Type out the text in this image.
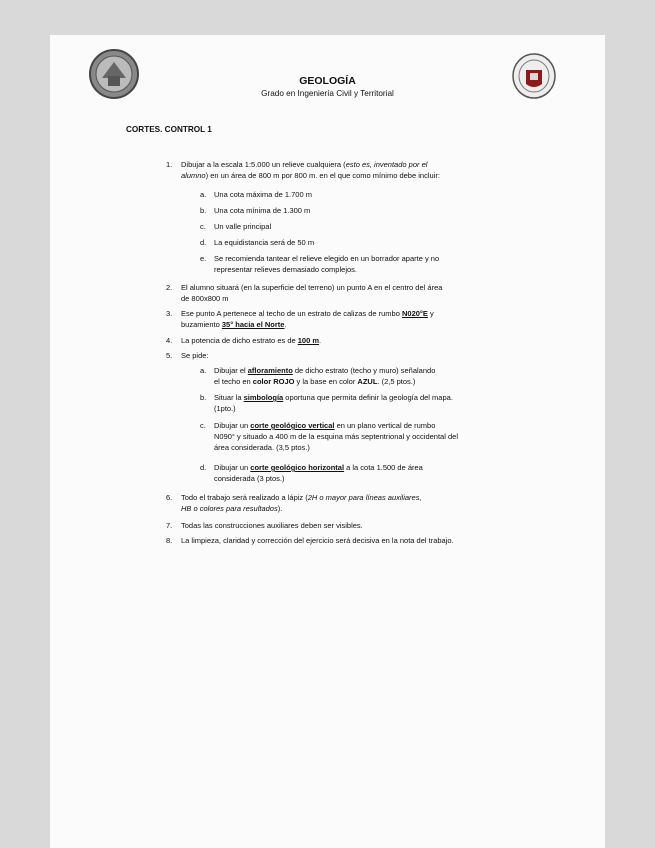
GEOLOGÍA
Grado en Ingeniería Civil y Territorial
CORTES. CONTROL 1
1. Dibujar a la escala 1:5.000 un relieve cualquiera (esto es, inventado por el
alumno) en un área de 800 m por 800 m. en el que como mínimo debe incluir:
a. Una cota máxima de 1.700 m
b. Una cota mínima de 1.300 m
c. Un valle principal
d. La equidistancia será de 50 m
e. Se recomienda tantear el relieve elegido en un borrador aparte y no
representar relieves demasiado complejos.
2. El alumno situará (en la superficie del terreno) un punto A en el centro del área
de 800x800 m
3. Ese punto A pertenece al techo de un estrato de calizas de rumbo N020°E y
buzamiento 35° hacia el Norte.
4. La potencia de dicho estrato es de 100 m.
5. Se pide:
a. Dibujar el afloramiento de dicho estrato (techo y muro) señalando
el techo en color ROJO y la base en color AZUL. (2,5 ptos.)
b. Situar la simbología oportuna que permita definir la geología del mapa.
(1pto.)
c. Dibujar un corte geológico vertical en un plano vertical de rumbo
N090° y situado a 400 m de la esquina más septentrional y occidental del
área considerada. (3,5 ptos.)
d. Dibujar un corte geológico horizontal a la cota 1.500 de área
considerada (3 ptos.)
6. Todo el trabajo será realizado a lápiz (2H o mayor para líneas auxiliares,
HB o colores para resultados).
7. Todas las construcciones auxiliares deben ser visibles.
8. La limpieza, claridad y corrección del ejercicio será decisiva en la nota del trabajo.
